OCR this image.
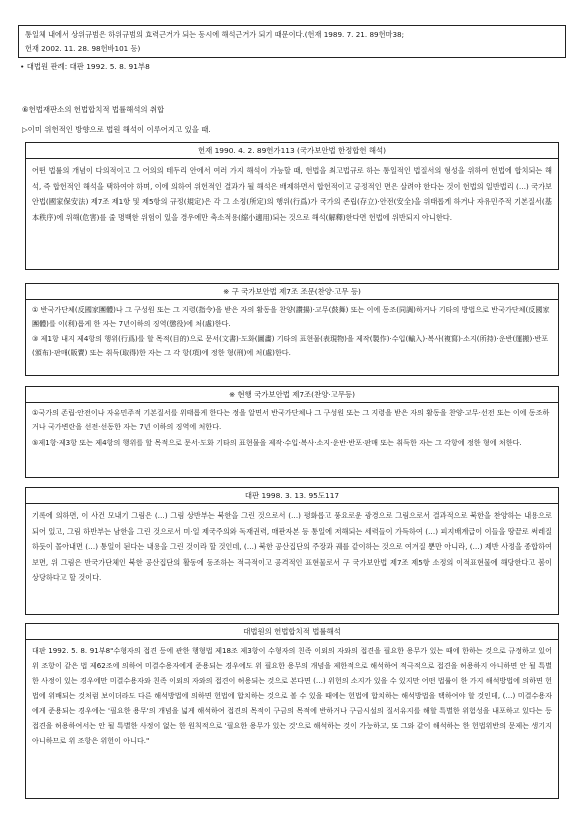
통일체 내에서 상위규범은 하위규범의 효력근거가 되는 동시에 해석근거가 되기 때문이다.(헌재 1989. 7. 21. 89헌마38;
헌재 2002. 11. 28. 98헌바101 등)
• 대법원 판례: 대판 1992. 5. 8. 91부8
⑥헌법재판소의 헌법합치적 법률해석의 취합
▷이미 위헌적인 방향으로 법원 해석이 이루어지고 있을 때.
헌재 1990. 4. 2. 89헌가113 (국가보안법 한정합헌 해석)

어떤 법률의 개념이 다의적이고 그 어의의 테두리 안에서 여러 가지 해석이 가능할 때, 헌법을 최고법규로 하는 통일적인 법질서의 형성을 위하여 헌법에 합치되는 해석, 즉 합헌적인 해석을 택하여야 하며, 이에 의하여 위헌적인 결과가 될 해석은 배제하면서 합헌적이고 긍정적인 면은 살려야 한다는 것이 헌법의 일반법리 (…) 국가보안법(國家保安法) 제7조 제1항 및 제5항의 규정(規定)은 각 그 소정(所定)의 행위(行爲)가 국가의 존립(存立)·안전(安全)을 위태롭게 하거나 자유민주적 기본질서(基本秩序)에 위해(危害)를 줄 명백한 위험이 있을 경우에만 축소적용(縮小適用)되는 것으로 해석(解釋)한다면 헌법에 위반되지 아니한다.

※ 구 국가보안법 제7조 조문(찬양·고무 등)

① 반국가단체(反國家團體)나 그 구성원 또는 그 지령(指令)을 받은 자의 활동을 찬양(讚揚)·고무(鼓舞) 또는 이에 동조(同調)하거나 기타의 방법으로 반국가단체(反國家團體)를 이(利)롭게 한 자는 7년이하의 징역(懲役)에 처(處)한다.

③ 제1항 내지 제4항의 행위(行爲)를 할 목적(目的)으로 문서(文書)·도화(圖畵) 기타의 표현물(表現物)을 제작(製作)·수입(輸入)·복사(複寫)·소지(所持)·운반(運搬)·반포(頒布)·판매(販賣) 또는 취득(取得)한 자는 그 각 항(項)에 정한 형(刑)에 처(處)한다.

※ 현행 국가보안법 제7조(찬양·고무등)

①국가의 존립·안전이나 자유민주적 기본질서를 위태롭게 한다는 정을 알면서 반국가단체나 그 구성원 또는 그 지령을 받은 자의 활동을 찬양·고무·선전 또는 이에 동조하거나 국가변란을 선전·선동한 자는 7년 이하의 징역에 처한다.

⑤제1항·제3항 또는 제4항의 행위를 할 목적으로 문서·도화 기타의 표현물을 제작·수입·복사·소지·운반·반포·판매 또는 취득한 자는 그 각항에 정한 형에 처한다.

대판 1998. 3. 13. 95도117

기록에 의하면, 이 사건 모내기 그림은 (…) 그림 상반부는 북한을 그린 것으로서 (…) 평화롭고 풍요로운 광경으로 그림으로서 결과적으로 북한을 찬양하는 내용으로 되어 있고, 그림 하반부는 남한을 그린 것으로서 미·일 제국주의와 독재권력, 매판자본 등 통일에 저해되는 세력들이 가득하여 (…) 피지배계급이 이들을 땅끝로 써레질하듯이 몰아내면 (…) 통일이 된다는 내용을 그린 것이라 할 것인데, (…) 북한 공산집단의 주장과 궤를 같이하는 것으로 여겨질 뿐만 아니라, (…) 제반 사정을 종합하여 보면, 위 그림은 반국가단체인 북한 공산집단의 활동에 동조하는 적극적이고 공격적인 표현물로서 구 국가보안법 제7조 제5항 소정의 이적표현물에 해당한다고 봄이 상당하다고 할 것이다.

대법원의 헌법합치적 법률해석

대판 1992. 5. 8. 91부8"수형자의 접견 등에 관한 행형법 제18조 제3항이 수형자의 친족 이외의 자와의 접견을 필요한 용무가 있는 때에 한하는 것으로 규정하고 있어 위 조항이 같은 법 제62조에 의하여 미결수용자에게 준용되는 경우에도 위 필요한 용무의 개념을 제한적으로 해석하여 적극적으로 접견을 허용하지 아니하면 안 될 특별한 사정이 있는 경우에만 미결수용자와 친족 이외의 자와의 접견이 허용되는 것으로 본다면 (…) 위헌의 소지가 있을 수 있지만 어떤 법률이 한 가지 해석방법에 의하면 헌법에 위배되는 것처럼 보이더라도 다른 해석방법에 의하면 헌법에 합치하는 것으로 볼 수 있을 때에는 헌법에 합치하는 해석방법을 택하여야 할 것인데, (…) 미결수용자에게 준용되는 경우에는 '필요한 용무'의 개념을 넓게 해석하여 접견의 목적이 구금의 목적에 반하거나 구금시설의 질서유지를 해할 특별한 위험성을 내포하고 있다는 등 접견을 허용하여서는 안 될 특별한 사정이 없는 한 원칙적으로 '필요한 용무가 있는 것'으로 해석하는 것이 가능하고, 또 그와 같이 해석하는 한 헌법위반의 문제는 생기지 아니하므로 위 조항은 위헌이 아니다."
